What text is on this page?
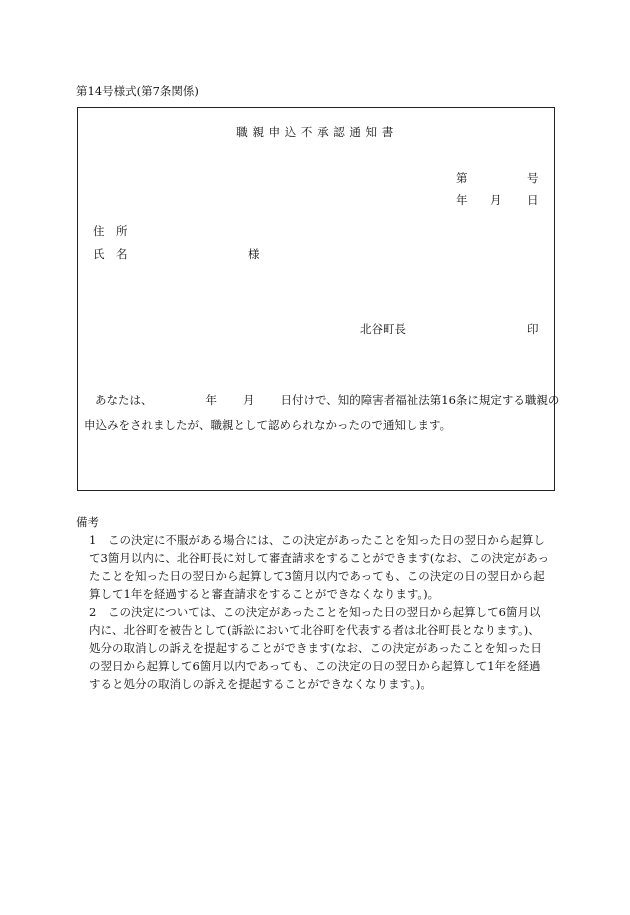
第14号様式(第7条関係)
職 親 申 込 不 承 認 通 知 書
第	号
年 月 日
住　所
氏　名	様
北谷町長	印
あなたは、	年 月 日付けで、知的障害者福祉法第16条に規定する職親の
申込みをされましたが、職親として認められなかったので通知します。
備考
1 この決定に不服がある場合には、この決定があったことを知った日の翌日から起算し
て3箇月以内に、北谷町長に対して審査請求をすることができます(なお、この決定があっ
たことを知った日の翌日から起算して3箇月以内であっても、この決定の日の翌日から起
算して1年を経過すると審査請求をすることができなくなります。)。
2 この決定については、この決定があったことを知った日の翌日から起算して6箇月以
内に、北谷町を被告として(訴訟において北谷町を代表する者は北谷町長となります。)、
処分の取消しの訴えを提起することができます(なお、この決定があったことを知った日
の翌日から起算して6箇月以内であっても、この決定の日の翌日から起算して1年を経過
すると処分の取消しの訴えを提起することができなくなります。)。
